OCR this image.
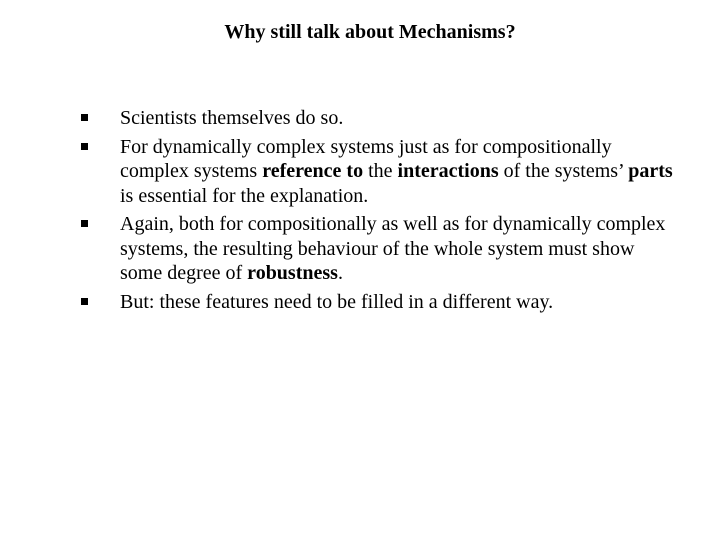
Why still talk about Mechanisms?
Scientists themselves do so.
For dynamically complex systems just as for compositionally complex systems reference to the interactions of the systems’ parts is essential for the explanation.
Again, both for compositionally as well as for dynamically complex systems, the resulting behaviour of the whole system must show some degree of robustness.
But: these features need to be filled in a different way.
